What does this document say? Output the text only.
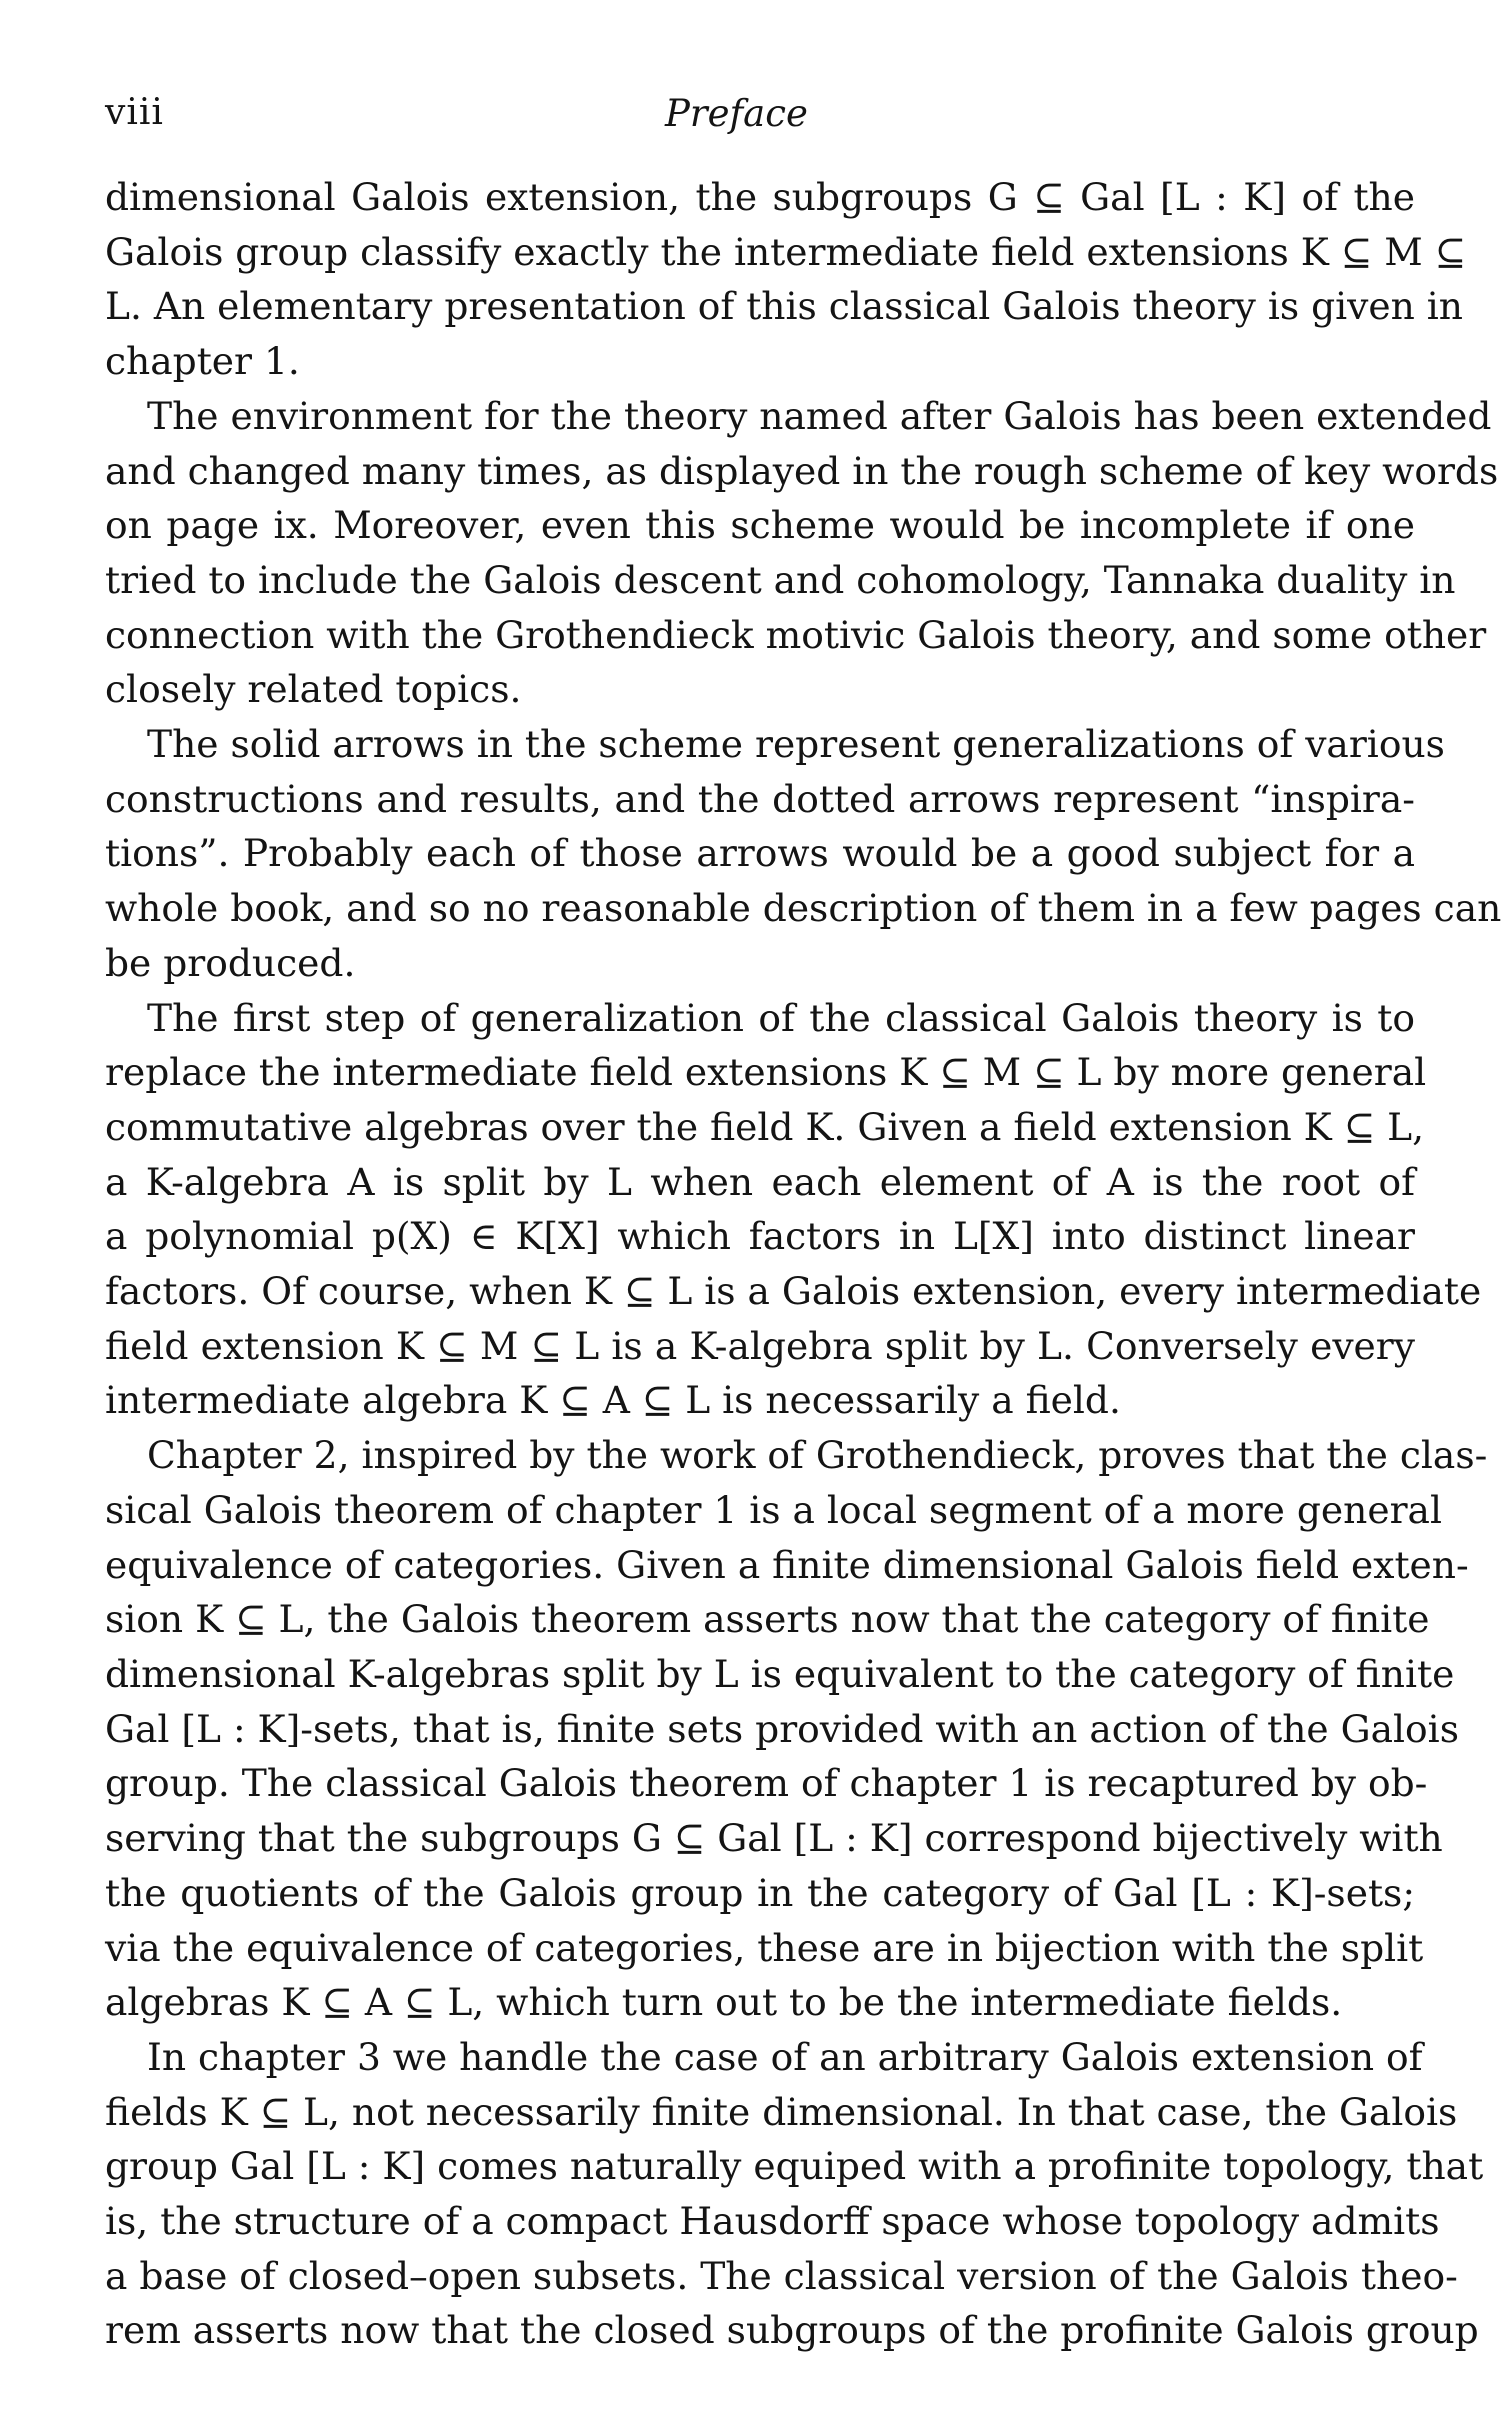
viii	Preface
dimensional Galois extension, the subgroups G ⊆ Gal [L : K] of the
Galois group classify exactly the intermediate field extensions K ⊆ M ⊆
L. An elementary presentation of this classical Galois theory is given in
chapter 1.
The environment for the theory named after Galois has been extended
and changed many times, as displayed in the rough scheme of key words
on page ix. Moreover, even this scheme would be incomplete if one
tried to include the Galois descent and cohomology, Tannaka duality in
connection with the Grothendieck motivic Galois theory, and some other
closely related topics.
The solid arrows in the scheme represent generalizations of various
constructions and results, and the dotted arrows represent “inspira-
tions”. Probably each of those arrows would be a good subject for a
whole book, and so no reasonable description of them in a few pages can
be produced.
The first step of generalization of the classical Galois theory is to
replace the intermediate field extensions K ⊆ M ⊆ L by more general
commutative algebras over the field K. Given a field extension K ⊆ L,
a K-algebra A is split by L when each element of A is the root of
a polynomial p(X) ∈ K[X] which factors in L[X] into distinct linear
factors. Of course, when K ⊆ L is a Galois extension, every intermediate
field extension K ⊆ M ⊆ L is a K-algebra split by L. Conversely every
intermediate algebra K ⊆ A ⊆ L is necessarily a field.
Chapter 2, inspired by the work of Grothendieck, proves that the clas-
sical Galois theorem of chapter 1 is a local segment of a more general
equivalence of categories. Given a finite dimensional Galois field exten-
sion K ⊆ L, the Galois theorem asserts now that the category of finite
dimensional K-algebras split by L is equivalent to the category of finite
Gal [L : K]-sets, that is, finite sets provided with an action of the Galois
group. The classical Galois theorem of chapter 1 is recaptured by ob-
serving that the subgroups G ⊆ Gal [L : K] correspond bijectively with
the quotients of the Galois group in the category of Gal [L : K]-sets;
via the equivalence of categories, these are in bijection with the split
algebras K ⊆ A ⊆ L, which turn out to be the intermediate fields.
In chapter 3 we handle the case of an arbitrary Galois extension of
fields K ⊆ L, not necessarily finite dimensional. In that case, the Galois
group Gal [L : K] comes naturally equiped with a profinite topology, that
is, the structure of a compact Hausdorff space whose topology admits
a base of closed–open subsets. The classical version of the Galois theo-
rem asserts now that the closed subgroups of the profinite Galois group
